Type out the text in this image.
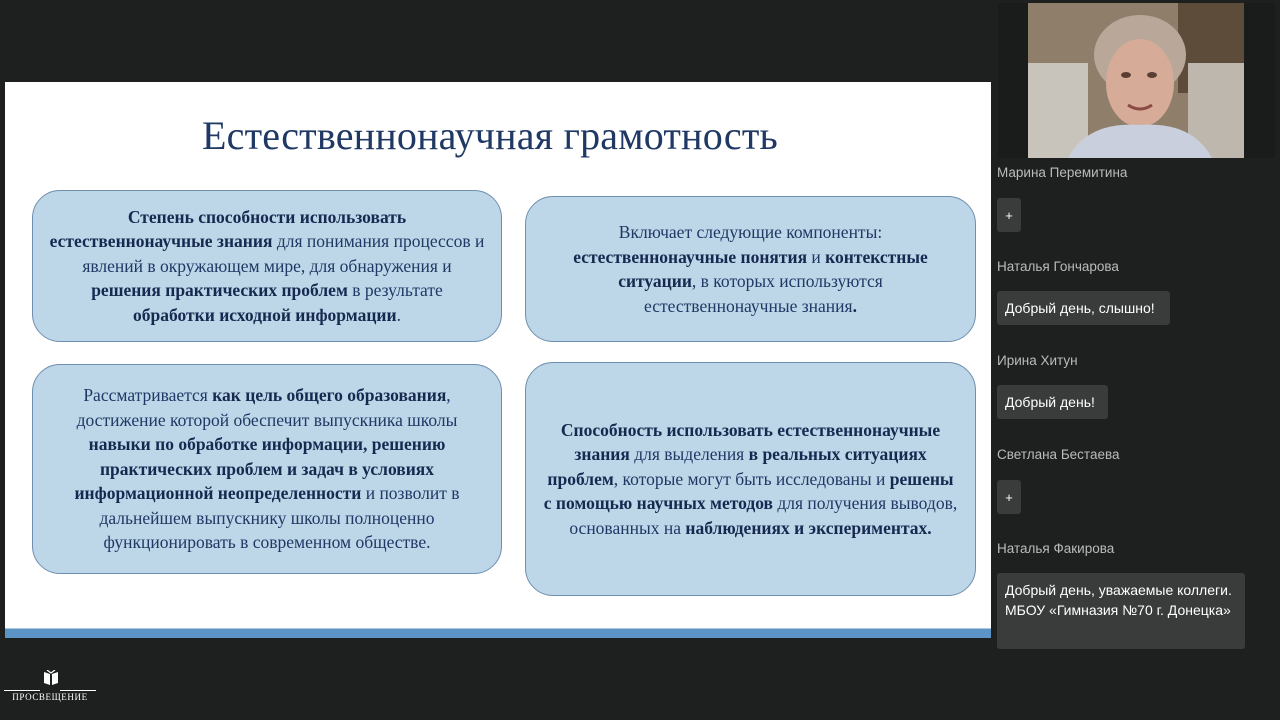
Естественнонаучная грамотность
Степень способности использовать естественнонаучные знания для понимания процессов и явлений в окружающем мире, для обнаружения и решения практических проблем в результате обработки исходной информации.
Включает следующие компоненты: естественнонаучные понятия и контекстные ситуации, в которых используются естественнонаучные знания.
Рассматривается как цель общего образования, достижение которой обеспечит выпускника школы навыки по обработке информации, решению практических проблем и задач в условиях информационной неопределенности и позволит в дальнейшем выпускнику школы полноценно функционировать в современном обществе.
Способность использовать естественнонаучные знания для выделения в реальных ситуациях проблем, которые могут быть исследованы и решены с помощью научных методов для получения выводов, основанных на наблюдениях и экспериментах.
ПРОСВЕЩЕНИЕ
Марина Перемитина
+
Наталья Гончарова
Добрый день, слышно!
Ирина Хитун
Добрый день!
Светлана Бестаева
+
Наталья Факирова
Добрый день, уважаемые коллеги. МБОУ «Гимназия №70 г. Донецка»
